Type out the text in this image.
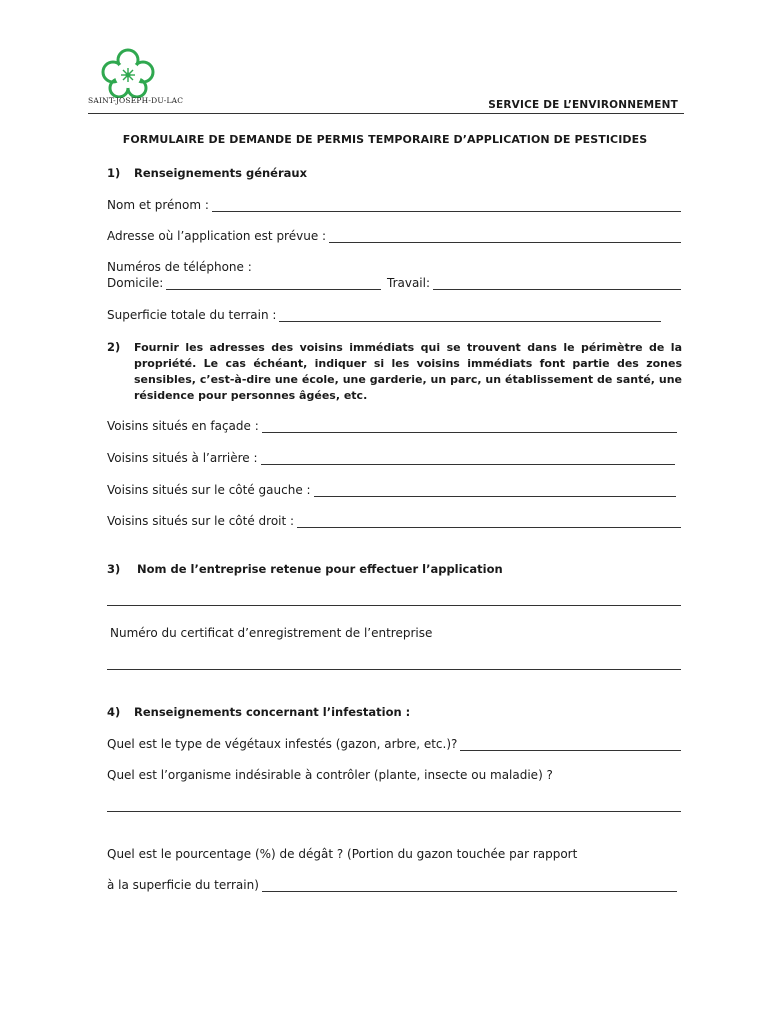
SAINT-JOSEPH-DU-LAC	SERVICE DE L’ENVIRONNEMENT
FORMULAIRE DE DEMANDE DE PERMIS TEMPORAIRE D’APPLICATION DE PESTICIDES
1) Renseignements généraux
Nom et prénom :
Adresse où l’application est prévue :
Numéros de téléphone :
Domicile:	Travail:
Superficie totale du terrain :
2) Fournir les adresses des voisins immédiats qui se trouvent dans le périmètre de la propriété. Le cas échéant, indiquer si les voisins immédiats font partie des zones sensibles, c’est-à-dire une école, une garderie, un parc, un établissement de santé, une résidence pour personnes âgées, etc.
Voisins situés en façade :
Voisins situés à l’arrière :
Voisins situés sur le côté gauche :
Voisins situés sur le côté droit :
3) Nom de l’entreprise retenue pour effectuer l’application
Numéro du certificat d’enregistrement de l’entreprise
4) Renseignements concernant l’infestation :
Quel est le type de végétaux infestés (gazon, arbre, etc.)?
Quel est l’organisme indésirable à contrôler (plante, insecte ou maladie) ?
Quel est le pourcentage (%) de dégât ? (Portion du gazon touchée par rapport
à la superficie du terrain)
